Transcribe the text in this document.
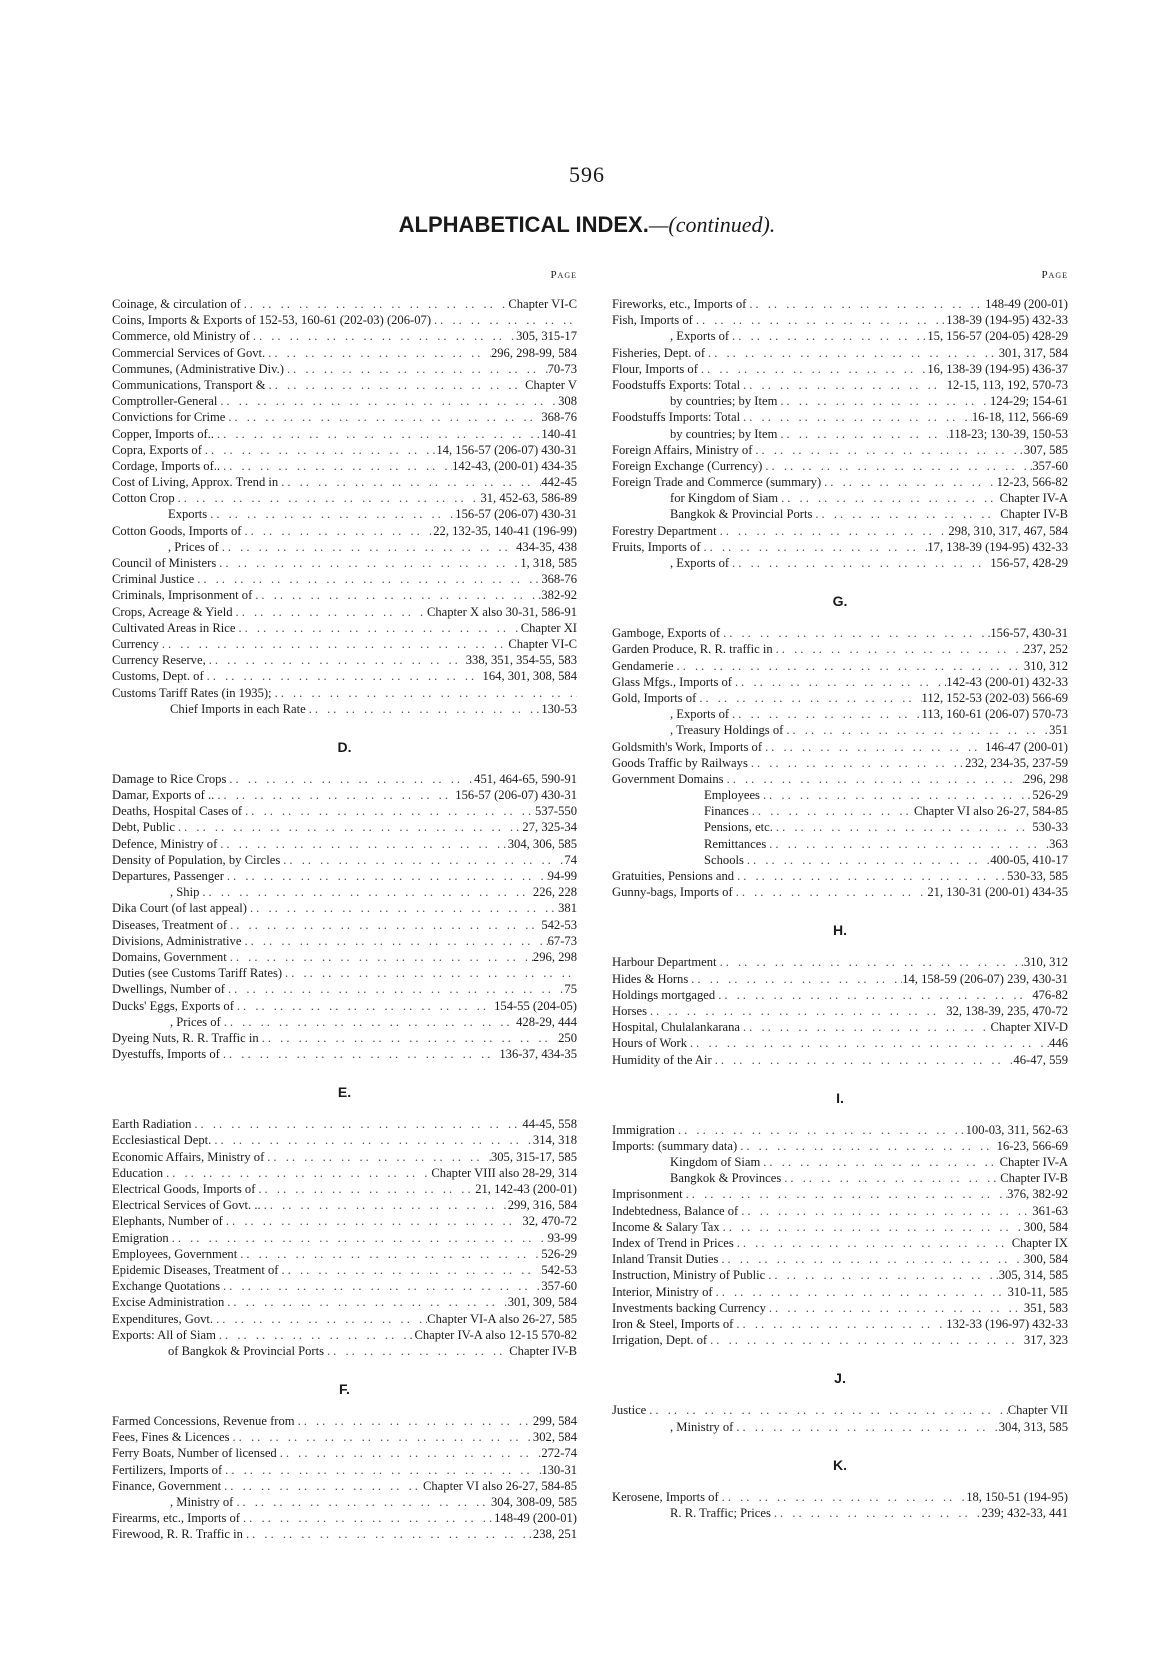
596
ALPHABETICAL INDEX.—(continued).
Page
Coinage, & circulation of .. ..	Chapter VI-C
Coins, Imports & Exports of 152-53, 160-61 (202-03) (206-07)
.. ..
Commerce, old Ministry of .. ..	305, 315-17
Commercial Services of Govt. .. ..	296, 298-99, 584
Communes, (Administrative Div.) .. ..	70-73
Communications, Transport & .. ..	Chapter V
Comptroller-General .. ..	308
Convictions for Crime .. ..	368-76
Copper, Imports of.. .. ..	140-41
Copra, Exports of .. ..	14, 156-57 (206-07) 430-31
Cordage, Imports of.. .. ..	142-43, (200-01) 434-35
Cost of Living, Approx. Trend in .. ..	442-45
Cotton Crop .. ..	31, 452-63, 586-89
Exports .. ..	156-57 (206-07) 430-31
Cotton Goods, Imports of .. ..	22, 132-35, 140-41 (196-99)
, Prices of .. ..	434-35, 438
Council of Ministers .. ..	1, 318, 585
Criminal Justice .. ..	368-76
Criminals, Imprisonment of .. ..	382-92
Crops, Acreage & Yield .. ..	Chapter X also 30-31, 586-91
Cultivated Areas in Rice .. ..	Chapter XI
Currency .. ..	Chapter VI-C
Currency Reserve, .. ..	338, 351, 354-55, 583
Customs, Dept. of .. ..	164, 301, 308, 584
Customs Tariff Rates (in 1935);
.. ..
Chief Imports in each Rate .. ..	130-53
D.
Damage to Rice Crops .. ..	451, 464-65, 590-91
Damar, Exports of .. .. ..	156-57 (206-07) 430-31
Deaths, Hospital Cases of .. ..	537-550
Debt, Public .. ..	27, 325-34
Defence, Ministry of .. ..	304, 306, 585
Density of Population, by Circles .. ..	74
Departures, Passenger .. ..	94-99
, Ship .. ..	226, 228
Dika Court (of last appeal) .. ..	381
Diseases, Treatment of .. ..	542-53
Divisions, Administrative .. ..	67-73
Domains, Government .. ..	296, 298
Duties (see Customs Tariff Rates)
.. ..
Dwellings, Number of .. ..	75
Ducks' Eggs, Exports of .. ..	154-55 (204-05)
, Prices of .. ..	428-29, 444
Dyeing Nuts, R. R. Traffic in .. ..	250
Dyestuffs, Imports of .. ..	136-37, 434-35
E.
Earth Radiation .. ..	44-45, 558
Ecclesiastical Dept. .. ..	314, 318
Economic Affairs, Ministry of .. ..	305, 315-17, 585
Education .. ..	Chapter VIII also 28-29, 314
Electrical Goods, Imports of .. ..	21, 142-43 (200-01)
Electrical Services of Govt. .. .. ..	299, 316, 584
Elephants, Number of .. ..	32, 470-72
Emigration .. ..	93-99
Employees, Government .. ..	526-29
Epidemic Diseases, Treatment of .. ..	542-53
Exchange Quotations .. ..	357-60
Excise Administration .. ..	301, 309, 584
Expenditures, Govt. .. ..	Chapter VI-A also 26-27, 585
Exports: All of Siam .. ..	Chapter IV-A also 12-15 570-82
of Bangkok & Provincial Ports .. ..	Chapter IV-B
F.
Farmed Concessions, Revenue from .. ..	299, 584
Fees, Fines & Licences .. ..	302, 584
Ferry Boats, Number of licensed .. ..	272-74
Fertilizers, Imports of .. ..	130-31
Finance, Government .. ..	Chapter VI also 26-27, 584-85
, Ministry of .. ..	304, 308-09, 585
Firearms, etc., Imports of .. ..	148-49 (200-01)
Firewood, R. R. Traffic in .. ..	238, 251
Page
Fireworks, etc., Imports of .. ..	148-49 (200-01)
Fish, Imports of .. ..	138-39 (194-95) 432-33
, Exports of .. ..	15, 156-57 (204-05) 428-29
Fisheries, Dept. of .. ..	301, 317, 584
Flour, Imports of .. ..	16, 138-39 (194-95) 436-37
Foodstuffs Exports: Total .. ..	12-15, 113, 192, 570-73
by countries; by Item .. ..	124-29; 154-61
Foodstuffs Imports: Total .. ..	16-18, 112, 566-69
by countries; by Item .. ..	118-23; 130-39, 150-53
Foreign Affairs, Ministry of .. ..	307, 585
Foreign Exchange (Currency) .. ..	357-60
Foreign Trade and Commerce (summary) .. ..	12-23, 566-82
for Kingdom of Siam .. ..	Chapter IV-A
Bangkok & Provincial Ports .. ..	Chapter IV-B
Forestry Department .. ..	298, 310, 317, 467, 584
Fruits, Imports of .. ..	17, 138-39 (194-95) 432-33
, Exports of .. ..	156-57, 428-29
G.
Gamboge, Exports of .. ..	156-57, 430-31
Garden Produce, R. R. traffic in .. ..	237, 252
Gendamerie .. ..	310, 312
Glass Mfgs., Imports of .. ..	142-43 (200-01) 432-33
Gold, Imports of .. ..	112, 152-53 (202-03) 566-69
, Exports of .. ..	113, 160-61 (206-07) 570-73
, Treasury Holdings of .. ..	351
Goldsmith's Work, Imports of .. ..	146-47 (200-01)
Goods Traffic by Railways .. ..	232, 234-35, 237-59
Government Domains .. ..	296, 298
Employees .. ..	526-29
Finances .. ..	Chapter VI also 26-27, 584-85
Pensions, etc. .. ..	530-33
Remittances .. ..	363
Schools .. ..	400-05, 410-17
Gratuities, Pensions and .. ..	530-33, 585
Gunny-bags, Imports of .. ..	21, 130-31 (200-01) 434-35
H.
Harbour Department .. ..	310, 312
Hides & Horns .. ..	14, 158-59 (206-07) 239, 430-31
Holdings mortgaged .. ..	476-82
Horses .. ..	32, 138-39, 235, 470-72
Hospital, Chulalankarana .. ..	Chapter XIV-D
Hours of Work .. ..	446
Humidity of the Air .. ..	46-47, 559
I.
Immigration .. ..	100-03, 311, 562-63
Imports: (summary data) .. ..	16-23, 566-69
Kingdom of Siam .. ..	Chapter IV-A
Bangkok & Provinces .. ..	Chapter IV-B
Imprisonment .. ..	376, 382-92
Indebtedness, Balance of .. ..	361-63
Income & Salary Tax .. ..	300, 584
Index of Trend in Prices .. ..	Chapter IX
Inland Transit Duties .. ..	300, 584
Instruction, Ministry of Public .. ..	305, 314, 585
Interior, Ministry of .. ..	310-11, 585
Investments backing Currency .. ..	351, 583
Iron & Steel, Imports of .. ..	132-33 (196-97) 432-33
Irrigation, Dept. of .. ..	317, 323
J.
Justice .. ..	Chapter VII
, Ministry of .. ..	304, 313, 585
K.
Kerosene, Imports of .. ..	18, 150-51 (194-95)
R. R. Traffic; Prices .. ..	239; 432-33, 441
